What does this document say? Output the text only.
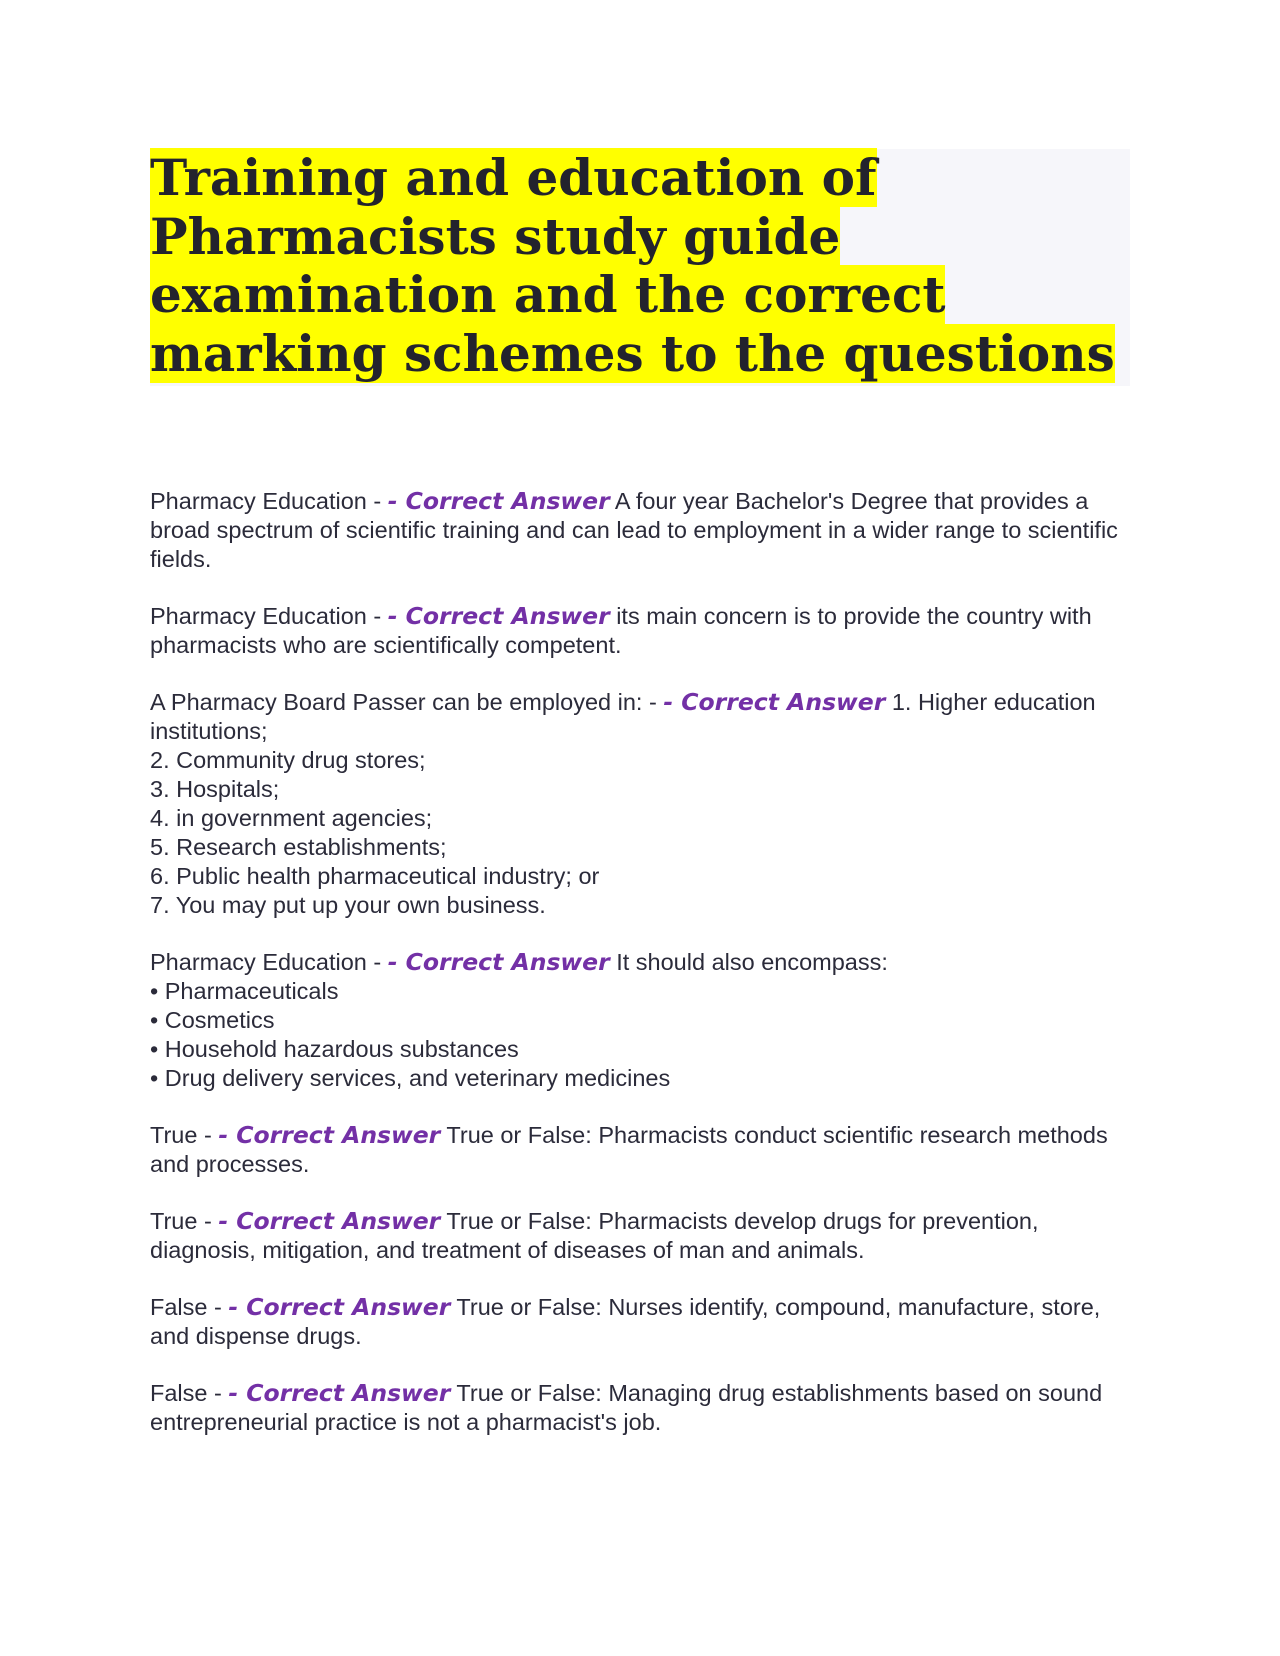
Training and education of Pharmacists study guide examination and the correct marking schemes to the questions

Pharmacy Education - - Correct Answer A four year Bachelor's Degree that provides a broad spectrum of scientific training and can lead to employment in a wider range to scientific fields.

Pharmacy Education - - Correct Answer its main concern is to provide the country with pharmacists who are scientifically competent.

A Pharmacy Board Passer can be employed in: - - Correct Answer 1. Higher education institutions;
2. Community drug stores;
3. Hospitals;
4. in government agencies;
5. Research establishments;
6. Public health pharmaceutical industry; or
7. You may put up your own business.

Pharmacy Education - - Correct Answer It should also encompass:
• Pharmaceuticals
• Cosmetics
• Household hazardous substances
• Drug delivery services, and veterinary medicines

True - - Correct Answer True or False: Pharmacists conduct scientific research methods and processes.

True - - Correct Answer True or False: Pharmacists develop drugs for prevention, diagnosis, mitigation, and treatment of diseases of man and animals.

False - - Correct Answer True or False: Nurses identify, compound, manufacture, store, and dispense drugs.

False - - Correct Answer True or False: Managing drug establishments based on sound entrepreneurial practice is not a pharmacist's job.
